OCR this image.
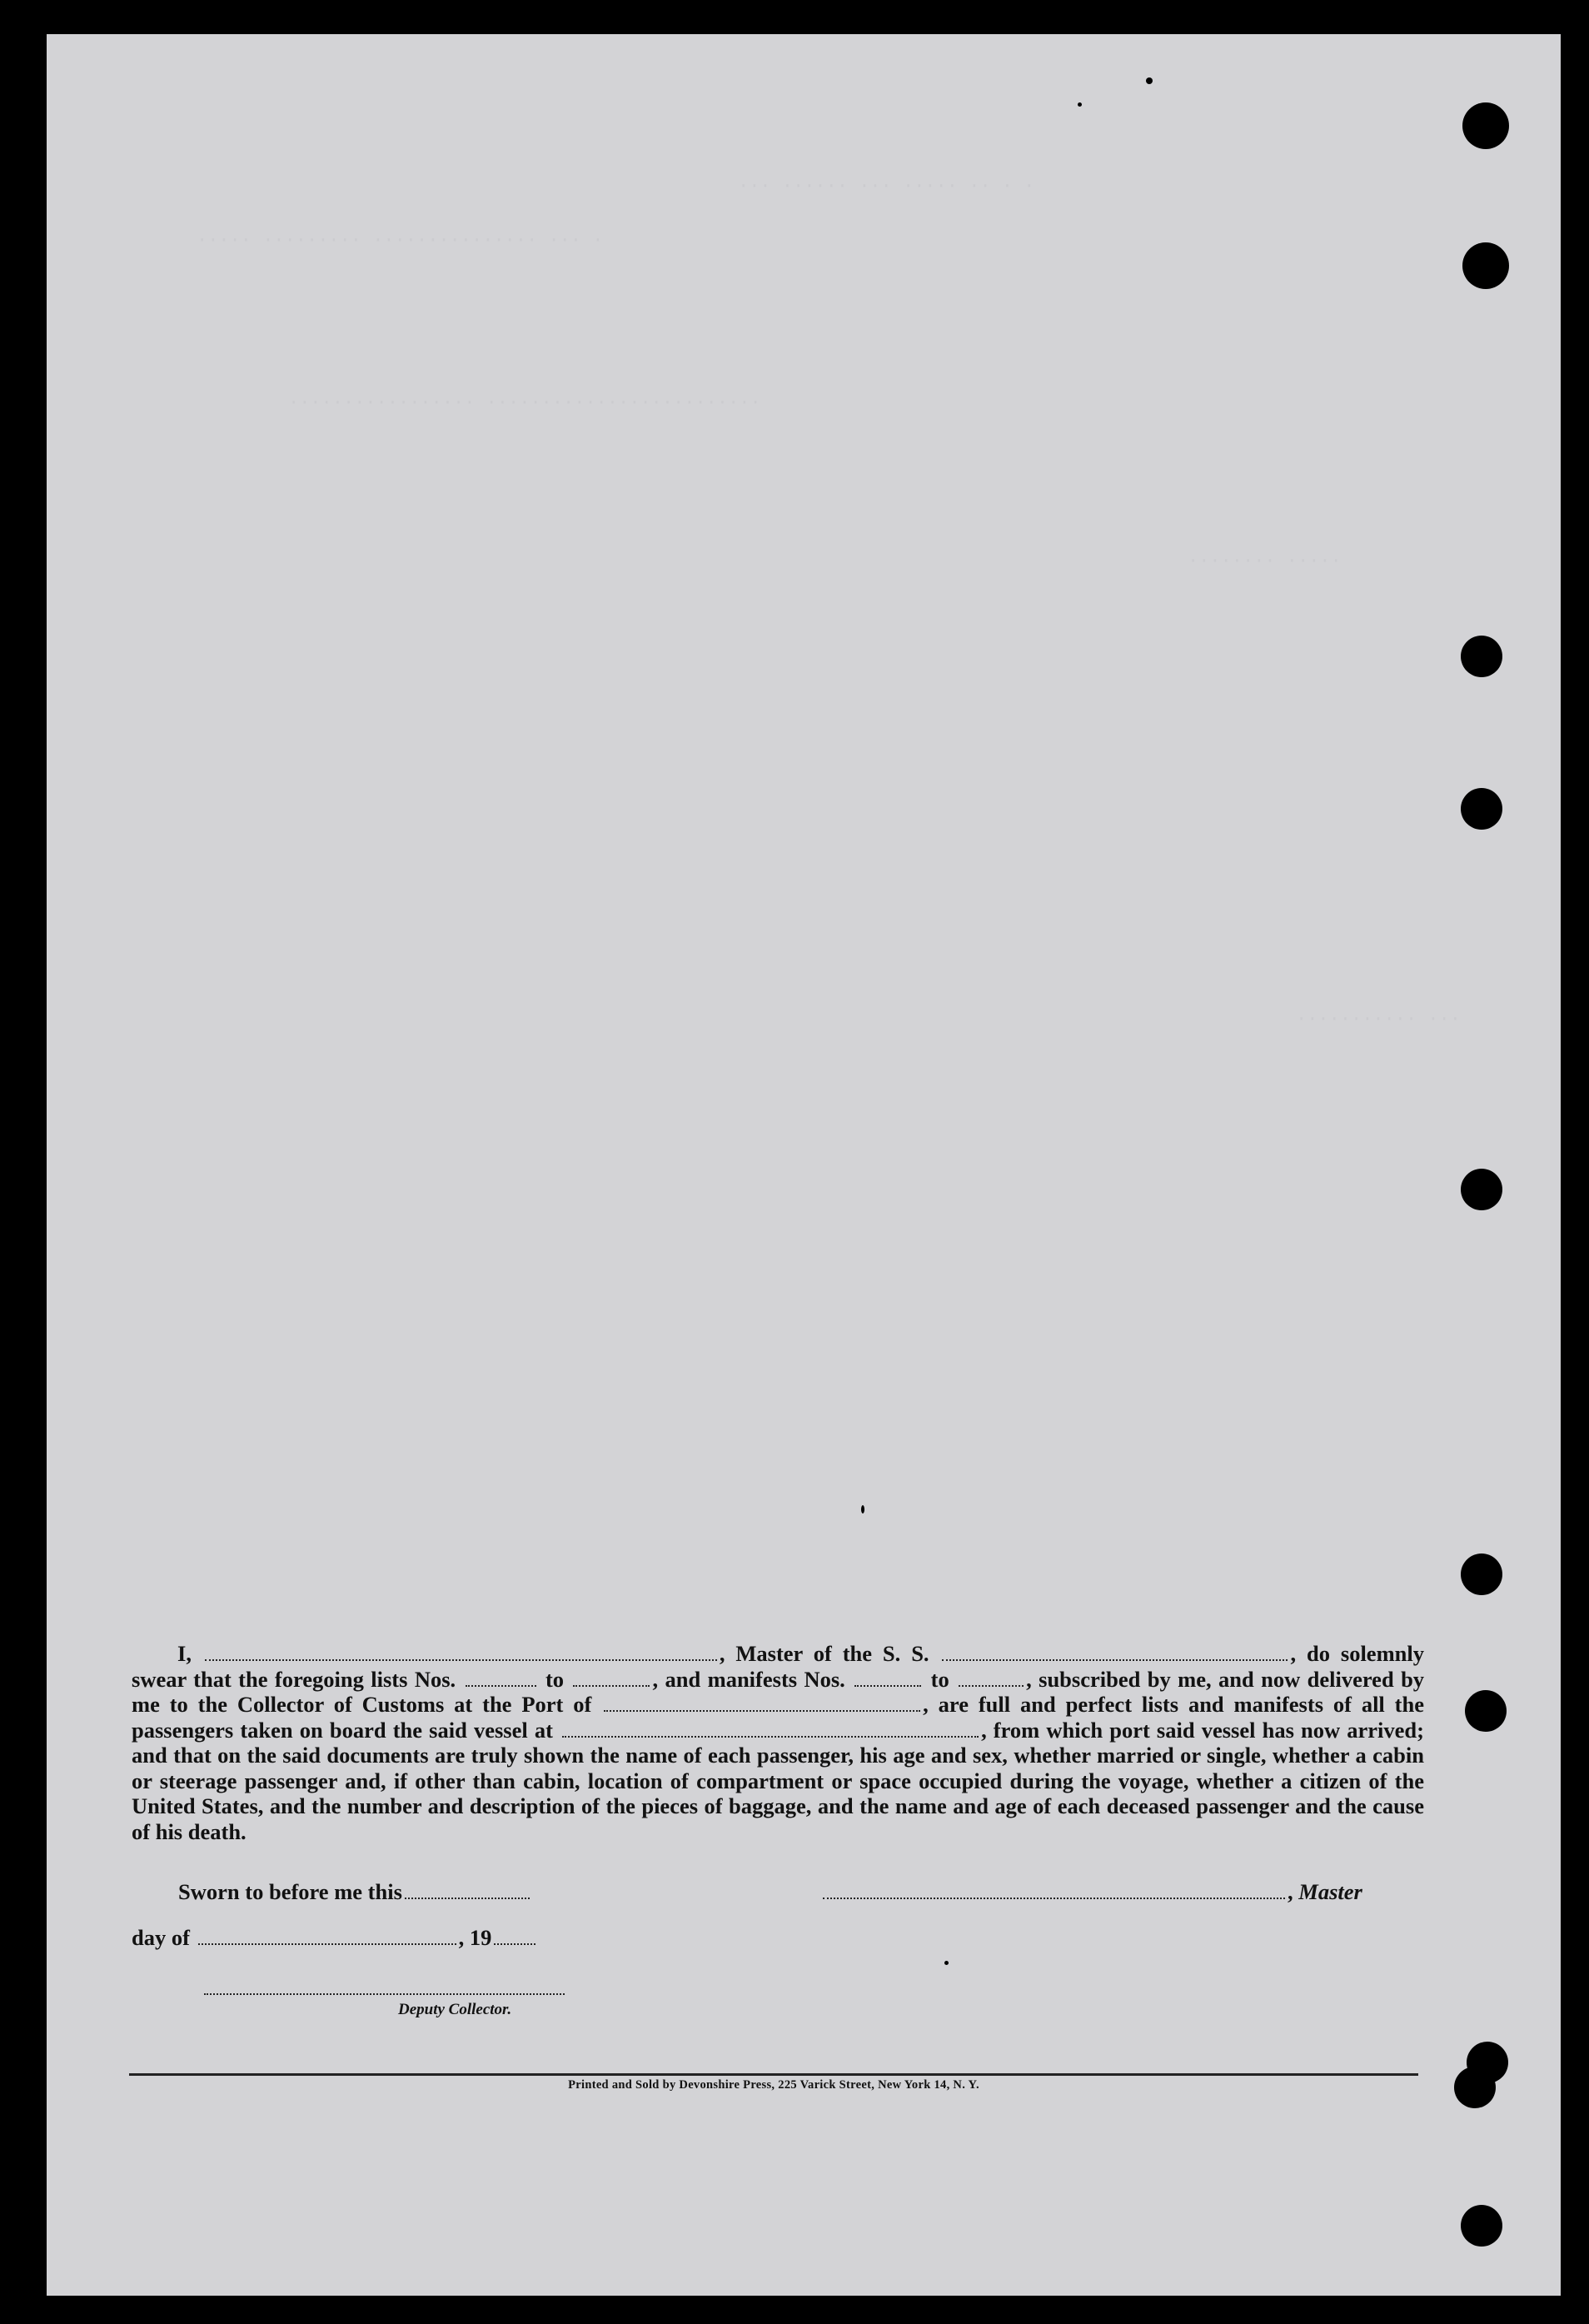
··· ······ ··· ····· ·· · ·
····· ········· ··············· ··· ·
················· ·························
········ ·····
··········· ···
I,	, Master of the S. S.	, do solemnly swear that the foregoing lists Nos.	to	, and manifests Nos.	to	, subscribed by me, and now delivered by me to the Collector of Customs at the Port of	, are full and perfect lists and manifests of all the passengers taken on board the said vessel at	, from which port said vessel has now arrived; and that on the said documents are truly shown the name of each passenger, his age and sex, whether married or single, whether a cabin or steerage passenger and, if other than cabin, location of compartment or space occupied during the voyage, whether a citizen of the United States, and the number and description of the pieces of baggage, and the name and age of each deceased passenger and the cause of his death.
Sworn to before me this	, Master
day of	, 19
Deputy Collector.
Printed and Sold by Devonshire Press, 225 Varick Street, New York 14, N. Y.
